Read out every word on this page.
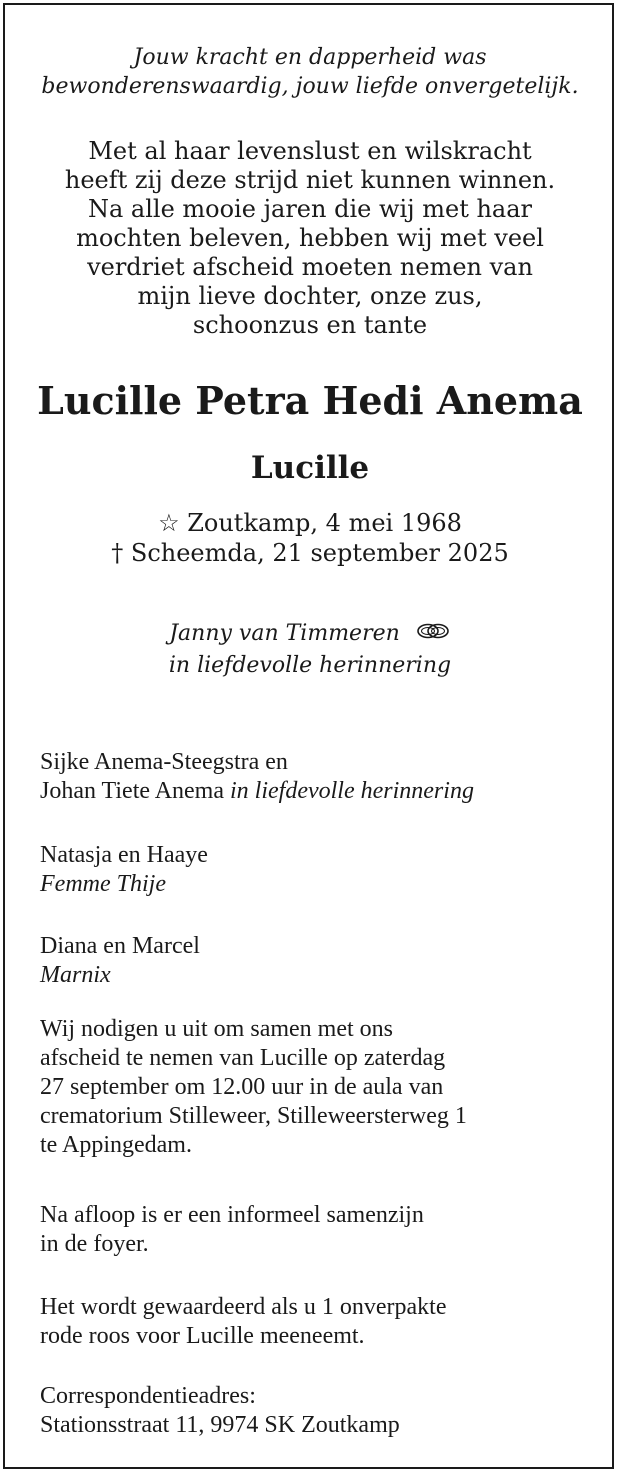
Jouw kracht en dapperheid was
bewonderenswaardig, jouw liefde onvergetelijk.
Met al haar levenslust en wilskracht
heeft zij deze strijd niet kunnen winnen.
Na alle mooie jaren die wij met haar
mochten beleven, hebben wij met veel
verdriet afscheid moeten nemen van
mijn lieve dochter, onze zus,
schoonzus en tante
Lucille Petra Hedi Anema
Lucille
☆ Zoutkamp, 4 mei 1968
† Scheemda, 21 september 2025
Janny van Timmeren
in liefdevolle herinnering
Sijke Anema-Steegstra en
Johan Tiete Anema in liefdevolle herinnering
Natasja en Haaye
Femme Thije
Diana en Marcel
Marnix
Wij nodigen u uit om samen met ons
afscheid te nemen van Lucille op zaterdag
27 september om 12.00 uur in de aula van
crematorium Stilleweer, Stilleweersterweg 1
te Appingedam.
Na afloop is er een informeel samenzijn
in de foyer.
Het wordt gewaardeerd als u 1 onverpakte
rode roos voor Lucille meeneemt.
Correspondentieadres:
Stationsstraat 11, 9974 SK Zoutkamp
